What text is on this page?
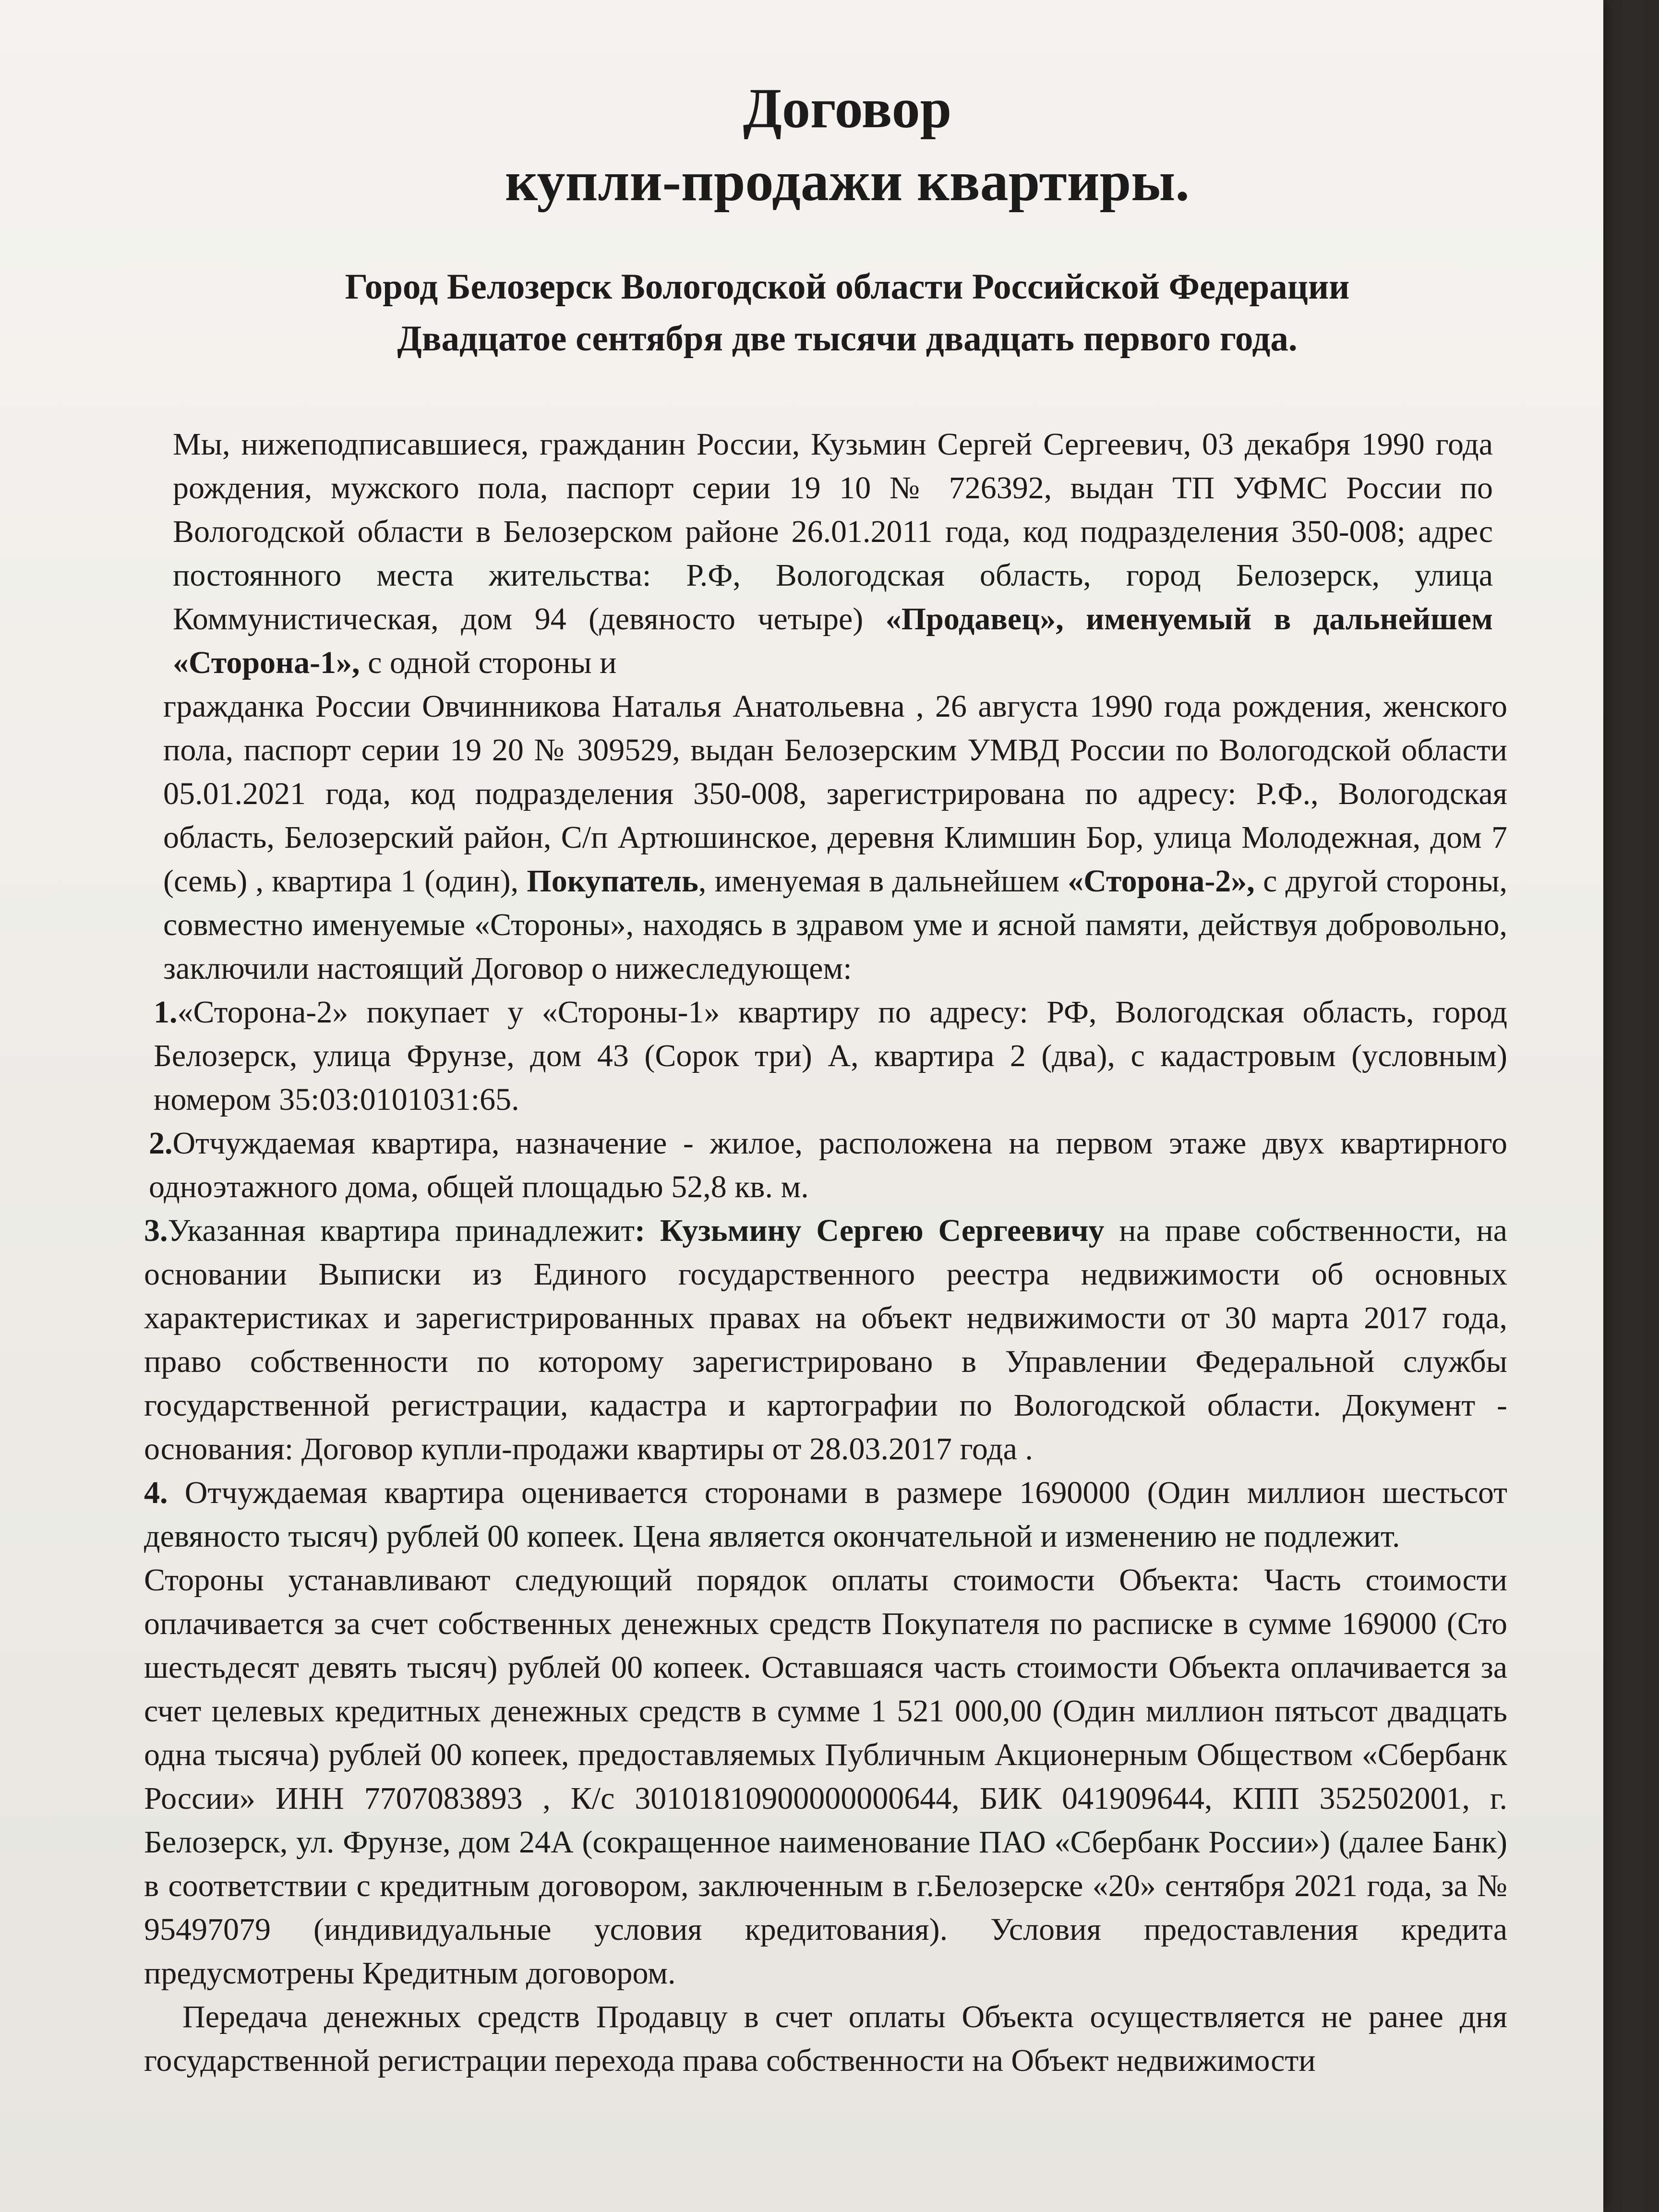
Договор

купли-продажи квартиры.

Город Белозерск Вологодской области Российской Федерации

Двадцатое сентября две тысячи двадцать первого года.

Мы, нижеподписавшиеся, гражданин России, Кузьмин Сергей Сергеевич, 03 декабря 1990 года рождения, мужского пола, паспорт серии 19 10 № 726392, выдан ТП УФМС России по Вологодской области в Белозерском районе 26.01.2011 года, код подразделения 350-008; адрес постоянного места жительства: Р.Ф, Вологодская область, город Белозерск, улица Коммунистическая, дом 94 (девяносто четыре) «Продавец», именуемый в дальнейшем «Сторона-1», с одной стороны и

гражданка России Овчинникова Наталья Анатольевна , 26 августа 1990 года рождения, женского пола, паспорт серии 19 20 № 309529, выдан Белозерским УМВД России по Вологодской области 05.01.2021 года, код подразделения 350-008, зарегистрирована по адресу: Р.Ф., Вологодская область, Белозерский район, С/п Артюшинское, деревня Климшин Бор, улица Молодежная, дом 7 (семь) , квартира 1 (один), Покупатель, именуемая в дальнейшем «Сторона-2», с другой стороны, совместно именуемые «Стороны», находясь в здравом уме и ясной памяти, действуя добровольно, заключили настоящий Договор о нижеследующем:

1.«Сторона-2» покупает у «Стороны-1» квартиру по адресу: РФ, Вологодская область, город Белозерск, улица Фрунзе, дом 43 (Сорок три) А, квартира 2 (два), с кадастровым (условным) номером 35:03:0101031:65.

2.Отчуждаемая квартира, назначение - жилое, расположена на первом этаже двух квартирного одноэтажного дома, общей площадью 52,8 кв. м.

3.Указанная квартира принадлежит: Кузьмину Сергею Сергеевичу на праве собственности, на основании Выписки из Единого государственного реестра недвижимости об основных характеристиках и зарегистрированных правах на объект недвижимости от 30 марта 2017 года, право собственности по которому зарегистрировано в Управлении Федеральной службы государственной регистрации, кадастра и картографии по Вологодской области. Документ - основания: Договор купли-продажи квартиры от 28.03.2017 года .

4. Отчуждаемая квартира оценивается сторонами в размере 1690000 (Один миллион шестьсот девяносто тысяч) рублей 00 копеек. Цена является окончательной и изменению не подлежит.

Стороны устанавливают следующий порядок оплаты стоимости Объекта: Часть стоимости оплачивается за счет собственных денежных средств Покупателя по расписке в сумме 169000 (Сто шестьдесят девять тысяч) рублей 00 копеек. Оставшаяся часть стоимости Объекта оплачивается за счет целевых кредитных денежных средств в сумме 1 521 000,00 (Один миллион пятьсот двадцать одна тысяча) рублей 00 копеек, предоставляемых Публичным Акционерным Обществом «Сбербанк России» ИНН 7707083893 , К/с 30101810900000000644, БИК 041909644, КПП 352502001, г. Белозерск, ул. Фрунзе, дом 24А (сокращенное наименование ПАО «Сбербанк России») (далее Банк) в соответствии с кредитным договором, заключенным в г.Белозерске «20» сентября 2021 года, за № 95497079 (индивидуальные условия кредитования). Условия предоставления кредита предусмотрены Кредитным договором.

Передача денежных средств Продавцу в счет оплаты Объекта осуществляется не ранее дня государственной регистрации перехода права собственности на Объект недвижимости
